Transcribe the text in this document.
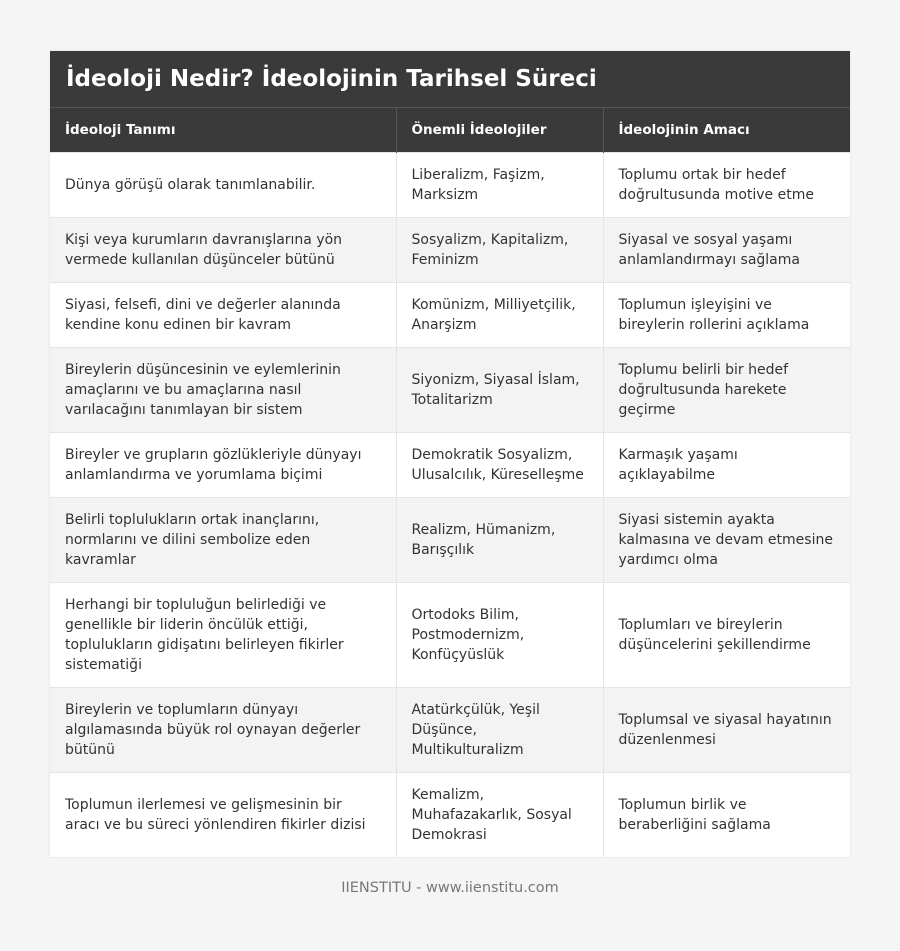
İdeoloji Nedir? İdeolojinin Tarihsel Süreci
İdeoloji Tanımı	Önemli İdeolojiler	İdeolojinin Amacı
Dünya görüşü olarak tanımlanabilir.	Liberalizm, Faşizm, Marksizm	Toplumu ortak bir hedef doğrultusunda motive etme
Kişi veya kurumların davranışlarına yön vermede kullanılan düşünceler bütünü	Sosyalizm, Kapitalizm, Feminizm	Siyasal ve sosyal yaşamı anlamlandırmayı sağlama
Siyasi, felsefi, dini ve değerler alanında kendine konu edinen bir kavram	Komünizm, Milliyetçilik, Anarşizm	Toplumun işleyişini ve bireylerin rollerini açıklama
Bireylerin düşüncesinin ve eylemlerinin amaçlarını ve bu amaçlarına nasıl varılacağını tanımlayan bir sistem	Siyonizm, Siyasal İslam, Totalitarizm	Toplumu belirli bir hedef doğrultusunda harekete geçirme
Bireyler ve grupların gözlükleriyle dünyayı anlamlandırma ve yorumlama biçimi	Demokratik Sosyalizm, Ulusalcılık, Küreselleşme	Karmaşık yaşamı açıklayabilme
Belirli toplulukların ortak inançlarını, normlarını ve dilini sembolize eden kavramlar	Realizm, Hümanizm, Barışçılık	Siyasi sistemin ayakta kalmasına ve devam etmesine yardımcı olma
Herhangi bir topluluğun belirlediği ve genellikle bir liderin öncülük ettiği, toplulukların gidişatını belirleyen fikirler sistematiği	Ortodoks Bilim, Postmodernizm, Konfüçyüslük	Toplumları ve bireylerin düşüncelerini şekillendirme
Bireylerin ve toplumların dünyayı algılamasında büyük rol oynayan değerler bütünü	Atatürkçülük, Yeşil Düşünce, Multikulturalizm	Toplumsal ve siyasal hayatının düzenlenmesi
Toplumun ilerlemesi ve gelişmesinin bir aracı ve bu süreci yönlendiren fikirler dizisi	Kemalizm, Muhafazakarlık, Sosyal Demokrasi	Toplumun birlik ve beraberliğini sağlama
IIENSTITU - www.iienstitu.com
